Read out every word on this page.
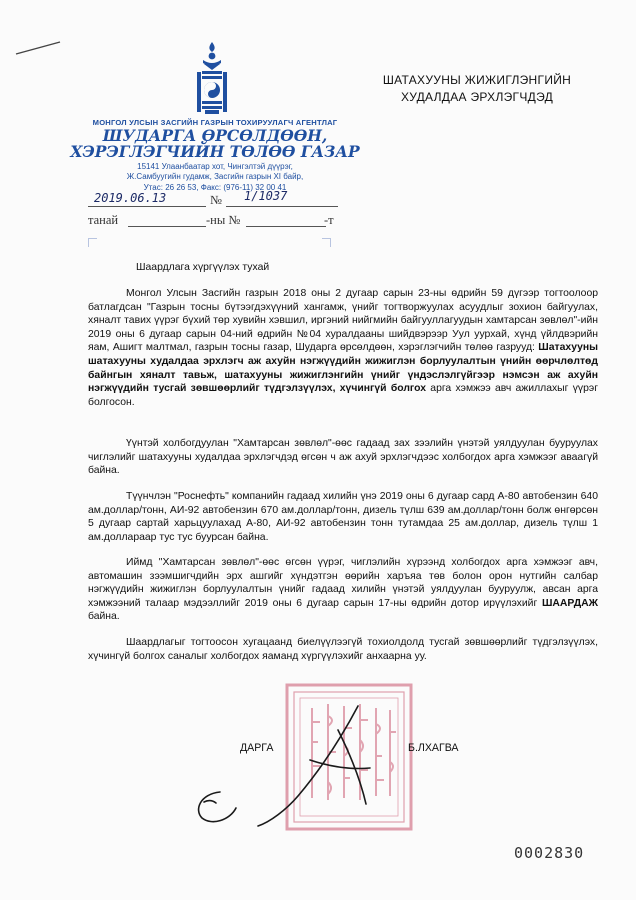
МОНГОЛ УЛСЫН ЗАСГИЙН ГАЗРЫН ТОХИРУУЛАГЧ АГЕНТЛАГ
ШУДАРГА ӨРСӨЛДӨӨН,
ХЭРЭГЛЭГЧИЙН ТӨЛӨӨ ГАЗАР
15141 Улаанбаатар хот, Чингэлтэй дүүрэг,
Ж.Самбуугийн гудамж, Засгийн газрын XI байр,
Утас: 26 26 53, Факс: (976-11) 32 00 41
ШАТАХУУНЫ ЖИЖИГЛЭНГИЙН
ХУДАЛДАА ЭРХЛЭГЧДЭД
2019.06.13	№ 1/1037
танай	-ны №	-т
Шаардлага хүргүүлэх тухай

Монгол Улсын Засгийн газрын 2018 оны 2 дугаар сарын 23-ны өдрийн 59 дүгээр тогтоолоор батлагдсан "Газрын тосны бүтээгдэхүүний хангамж, үнийг тогтворжуулах асуудлыг зохион байгуулах, хяналт тавих үүрэг бүхий төр хувийн хэвшил, иргэний нийгмийн байгууллагуудын хамтарсан зөвлөл"-ийн 2019 оны 6 дугаар сарын 04-ний өдрийн №04 хуралдааны шийдвэрээр Уул уурхай, хүнд үйлдвэрийн яам, Ашигт малтмал, газрын тосны газар, Шударга өрсөлдөөн, хэрэглэгчийн төлөө газрууд: Шатахууны шатахууны худалдаа эрхлэгч аж ахуйн нэгжүүдийн жижиглэн борлуулалтын үнийн өөрчлөлтөд байнгын хяналт тавьж, шатахууны жижиглэнгийн үнийг үндэслэлгүйгээр нэмсэн аж ахуйн нэгжүүдийн тусгай зөвшөөрлийг түдгэлзүүлэх, хүчингүй болгох арга хэмжээ авч ажиллахыг үүрэг болгосон.

Үүнтэй холбогдуулан "Хамтарсан зөвлөл"-өөс гадаад зах зээлийн үнэтэй уялдуулан бууруулах чиглэлийг шатахууны худалдаа эрхлэгчдэд өгсөн ч аж ахуй эрхлэгчдээс холбогдох арга хэмжээг аваагүй байна.

Түүнчлэн "Роснефть" компанийн гадаад хилийн үнэ 2019 оны 6 дугаар сард А-80 автобензин 640 ам.доллар/тонн, АИ-92 автобензин 670 ам.доллар/тонн, дизель түлш 639 ам.доллар/тонн болж өнгөрсөн 5 дугаар сартай харьцуулахад А-80, АИ-92 автобензин тонн тутамдаа 25 ам.доллар, дизель түлш 1 ам.доллараар тус тус буурсан байна.

Иймд "Хамтарсан зөвлөл"-өөс өгсөн үүрэг, чиглэлийн хүрээнд холбогдох арга хэмжээг авч, автомашин зээмшигчдийн эрх ашгийг хүндэтгэн өөрийн харъяа төв болон орон нутгийн салбар нэгжүүдийн жижиглэн борлуулалтын үнийг гадаад хилийн үнэтэй уялдуулан бууруулж, авсан арга хэмжээний талаар мэдээллийг 2019 оны 6 дугаар сарын 17-ны өдрийн дотор ирүүлэхийг ШААРДАЖ байна.

Шаардлагыг тогтоосон хугацаанд биелүүлээгүй тохиолдолд тусгай зөвшөөрлийг түдгэлзүүлэх, хүчингүй болгох саналыг холбогдох яаманд хүргүүлэхийг анхаарна уу.

ДАРГА	Б.ЛХАГВА
0002830
